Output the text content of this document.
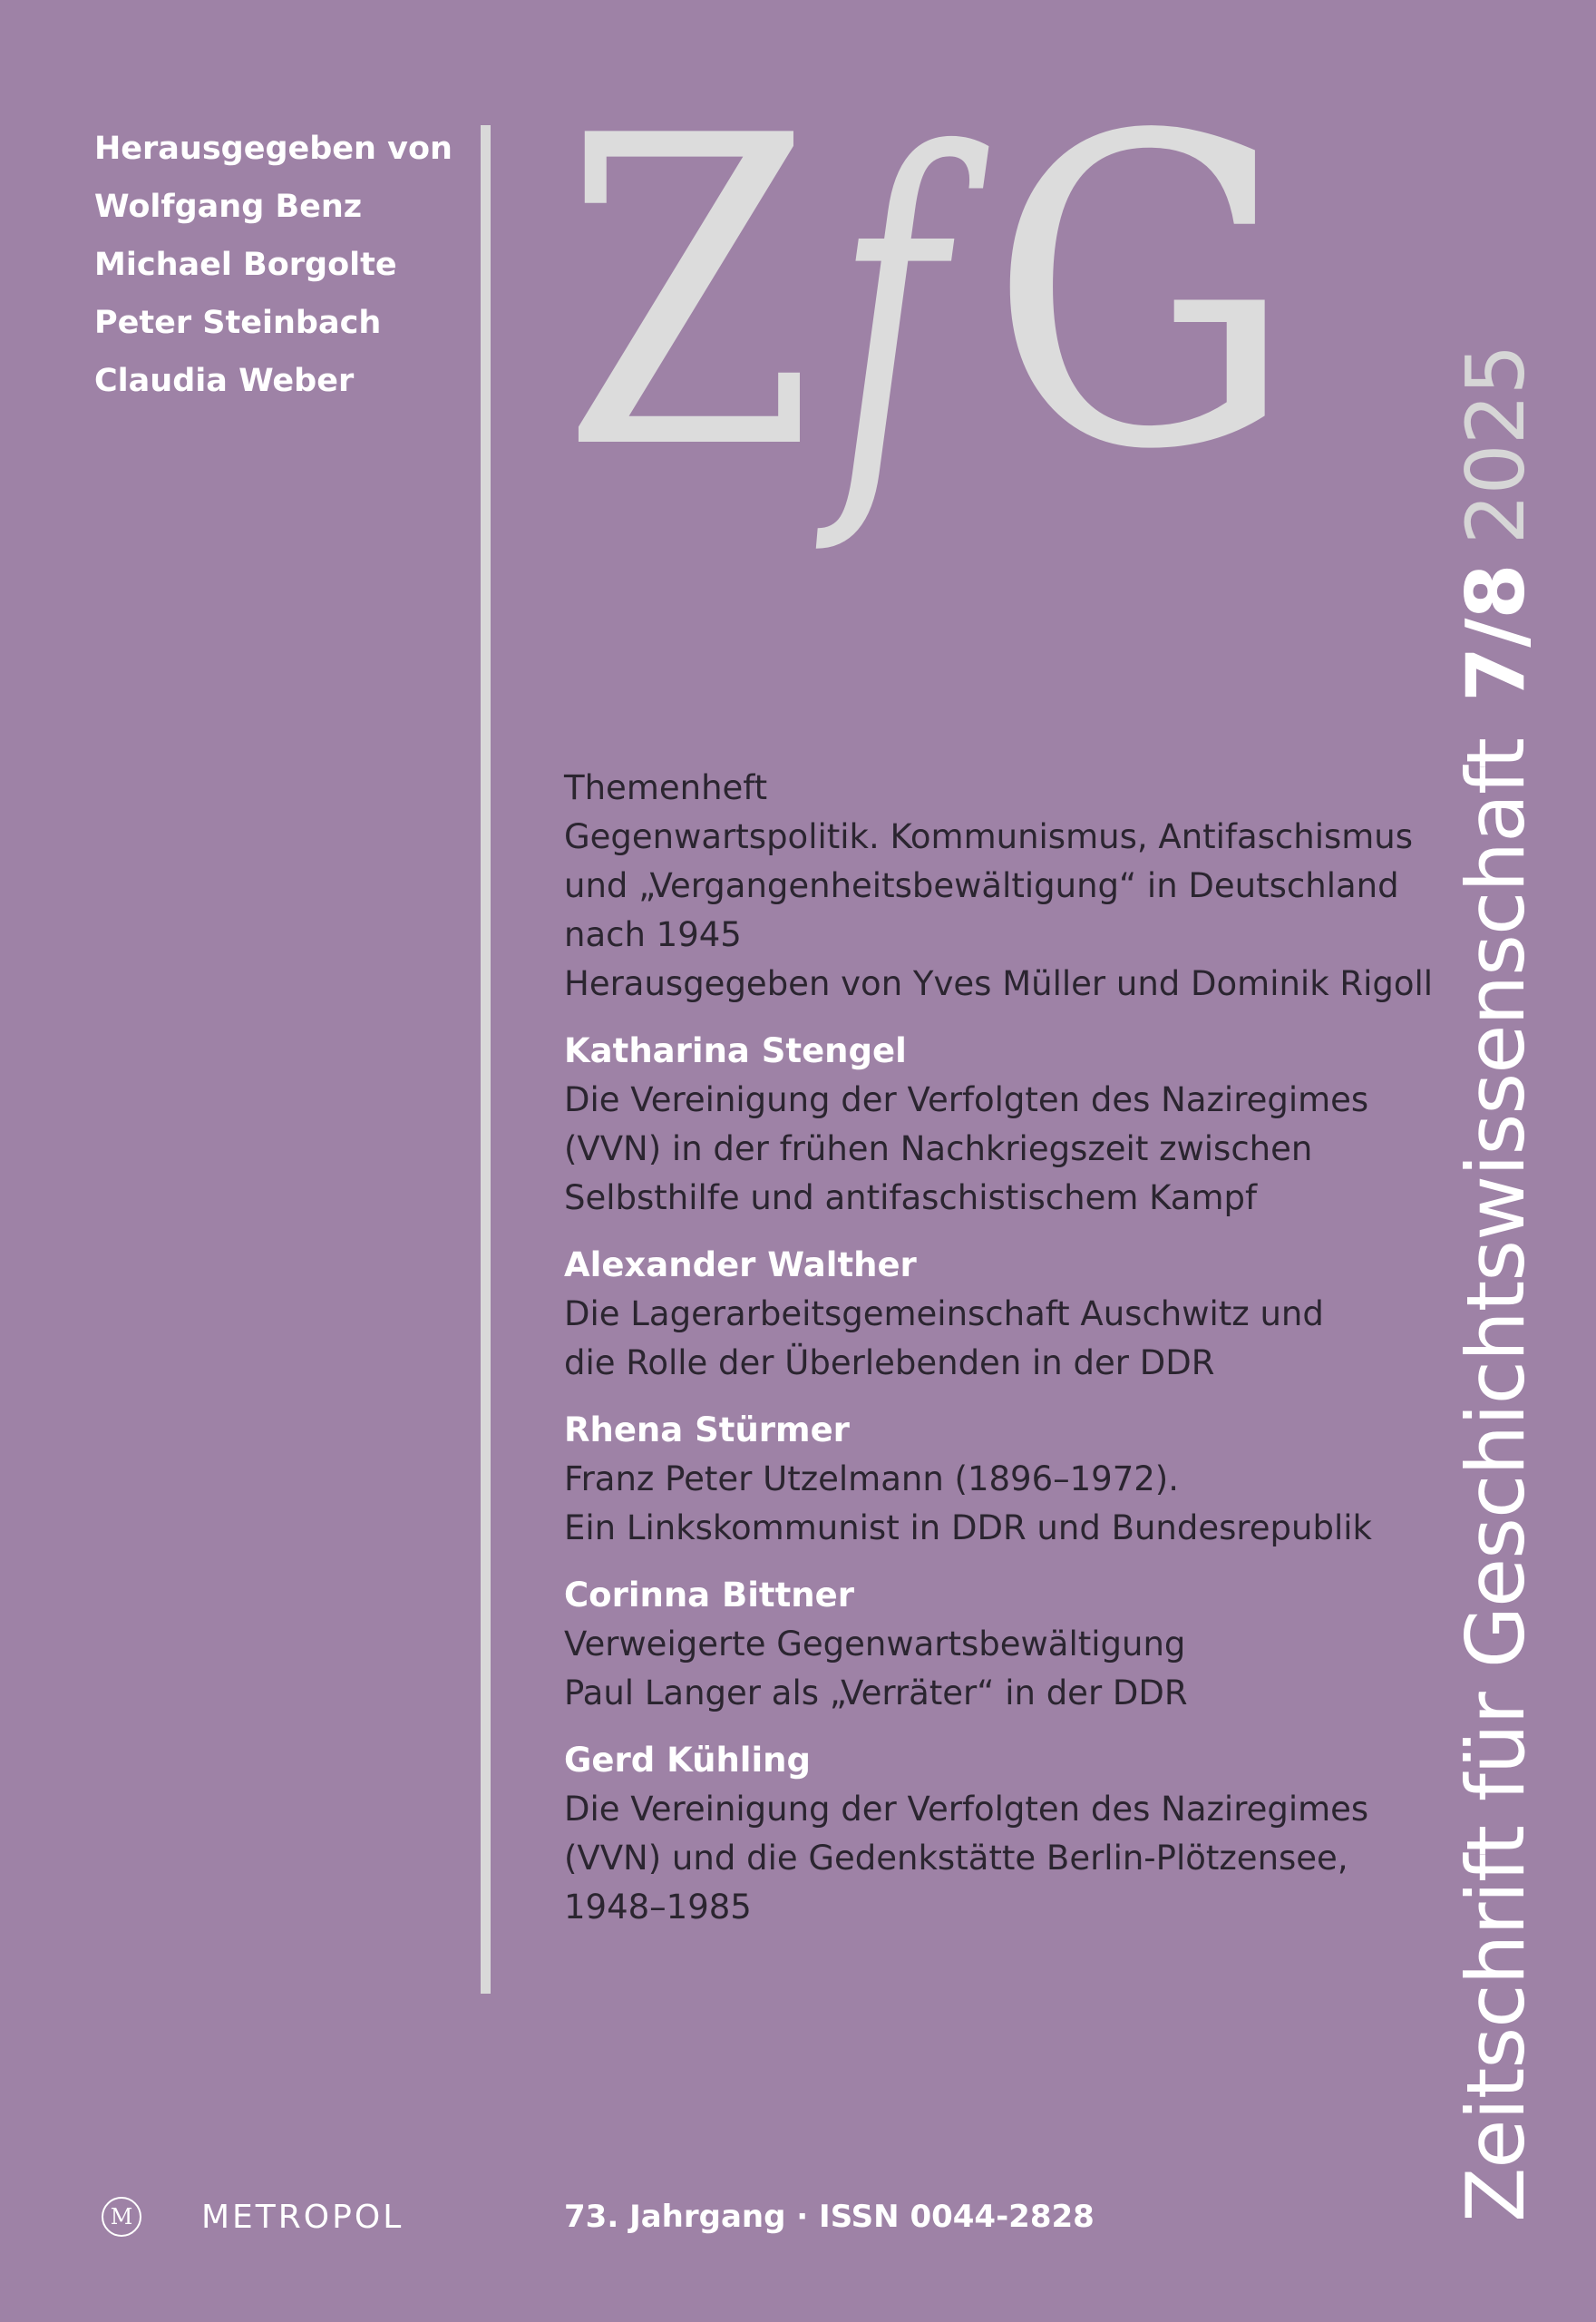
Herausgegeben von
Wolfgang Benz
Michael Borgolte
Peter Steinbach
Claudia Weber Z f G
Zeitschrift für Geschichtswissenschaft7/82025
Themenheft
Gegenwartspolitik. Kommunismus, Antifaschismus
und „Vergangenheitsbewältigung“ in Deutschland
nach 1945
Herausgegeben von Yves Müller und Dominik Rigoll
Katharina Stengel
Die Vereinigung der Verfolgten des Naziregimes
(VVN) in der frühen Nachkriegszeit zwischen
Selbsthilfe und antifaschistischem Kampf
Alexander Walther
Die Lagerarbeitsgemeinschaft Auschwitz und
die Rolle der Überlebenden in der DDR
Rhena Stürmer
Franz Peter Utzelmann (1896–1972).
Ein Linkskommunist in DDR und Bundesrepublik
Corinna Bittner
Verweigerte Gegenwartsbewältigung
Paul Langer als „Verräter“ in der DDR
Gerd Kühling
Die Vereinigung der Verfolgten des Naziregimes
(VVN) und die Gedenkstätte Berlin-Plötzensee,
1948–1985
M METROPOL	73. Jahrgang · ISSN 0044-2828
